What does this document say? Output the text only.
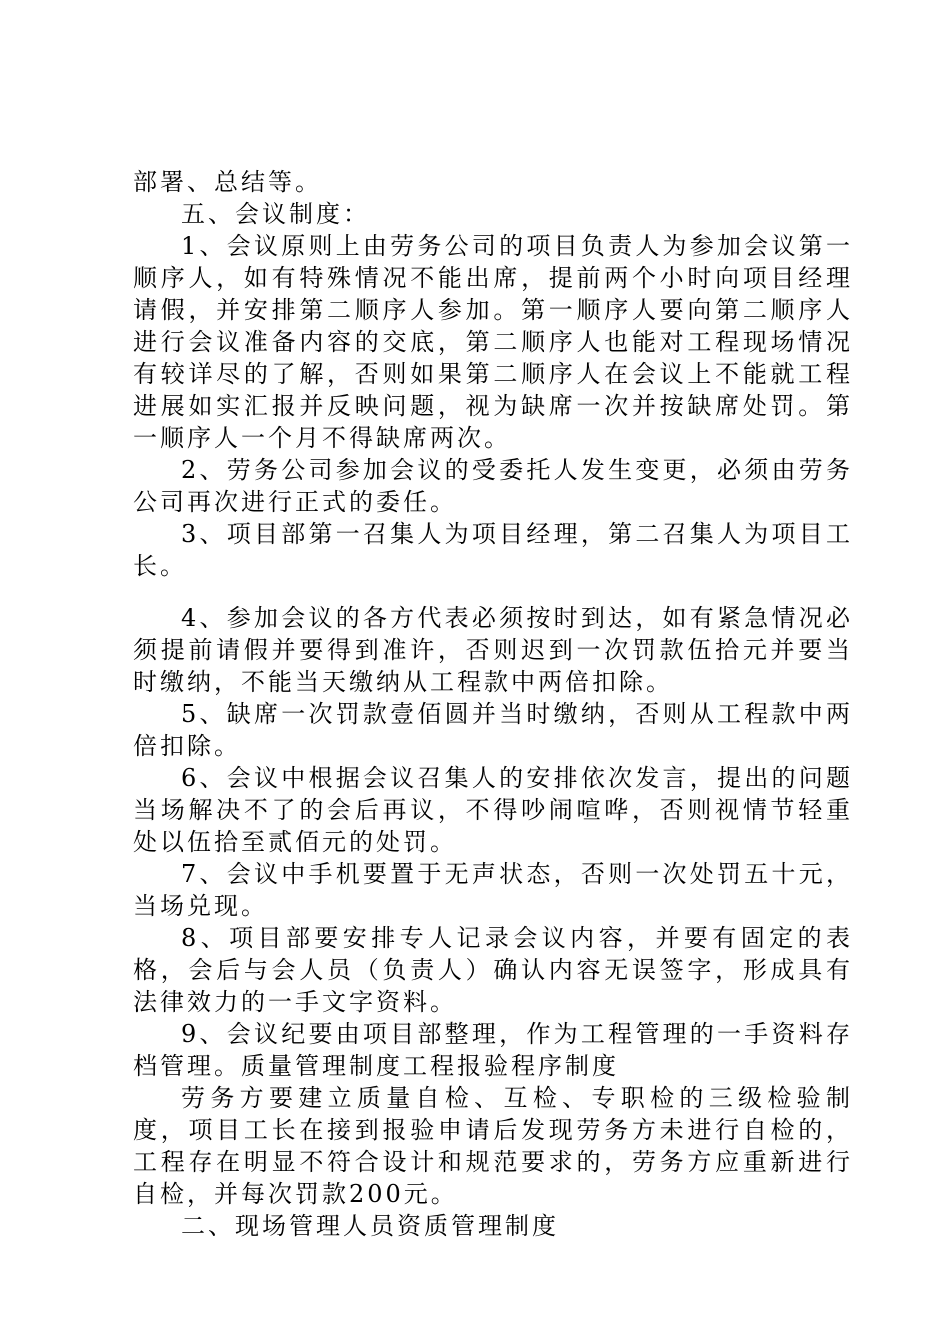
部署、总结等。

五、会议制度：

1、会议原则上由劳务公司的项目负责人为参加会议第一顺序人，如有特殊情况不能出席，提前两个小时向项目经理请假，并安排第二顺序人参加。第一顺序人要向第二顺序人进行会议准备内容的交底，第二顺序人也能对工程现场情况有较详尽的了解，否则如果第二顺序人在会议上不能就工程进展如实汇报并反映问题，视为缺席一次并按缺席处罚。第一顺序人一个月不得缺席两次。

2、劳务公司参加会议的受委托人发生变更，必须由劳务公司再次进行正式的委任。

3、项目部第一召集人为项目经理，第二召集人为项目工长。

4、参加会议的各方代表必须按时到达，如有紧急情况必须提前请假并要得到准许，否则迟到一次罚款伍拾元并要当时缴纳，不能当天缴纳从工程款中两倍扣除。

5、缺席一次罚款壹佰圆并当时缴纳，否则从工程款中两倍扣除。

6、会议中根据会议召集人的安排依次发言，提出的问题当场解决不了的会后再议，不得吵闹喧哗，否则视情节轻重处以伍拾至贰佰元的处罚。

7、会议中手机要置于无声状态，否则一次处罚五十元，当场兑现。

8、项目部要安排专人记录会议内容，并要有固定的表格，会后与会人员（负责人）确认内容无误签字，形成具有法律效力的一手文字资料。

9、会议纪要由项目部整理，作为工程管理的一手资料存档管理。质量管理制度工程报验程序制度

劳务方要建立质量自检、互检、专职检的三级检验制度，项目工长在接到报验申请后发现劳务方未进行自检的，工程存在明显不符合设计和规范要求的，劳务方应重新进行自检，并每次罚款200元。

二、现场管理人员资质管理制度
